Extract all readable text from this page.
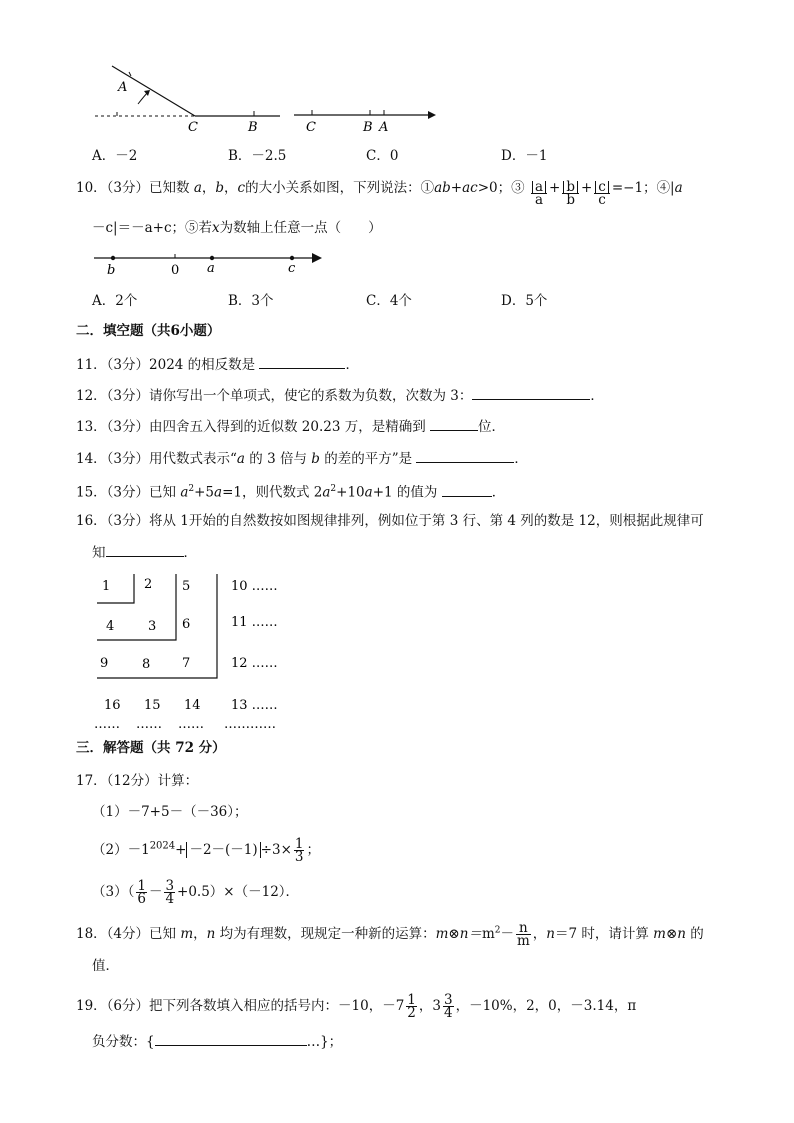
A
C	B	C	B A
A．－2	B．－2.5	C．0	D．－1
10．（3分）已知数 a，b，c的大小关系如图，下列说法：①ab+ac>0；③ $\frac{a}{a} + \frac{b}{b} + \frac{c}{c} =-1$；④|a
－c|＝－a+c；⑤若x为数轴上任意一点（　　）
b	0 a	c
A．2个	B．3个	C．4个	D．5个
二．填空题（共6小题）
11．（3分）2024 的相反数是	．
12．（3分）请你写出一个单项式，使它的系数为负数，次数为 3：	．
13．（3分）由四舍五入得到的近似数 20.23 万，是精确到	位．
14．（3分）用代数式表示“a 的 3 倍与 b 的差的平方”是	．
15．（3分）已知 $a^2+5a=1$，则代数式 $2a^2+10a+1$ 的值为	．
16．（3分）将从 1开始的自然数按如图规律排列，例如位于第 3 行、第 4 列的数是 12，则根据此规律可
知	．
1	2 5	10 ……
4	3 6	11 ……
9	8 7	12 ……
16 15 14 13 ……
…… …… …… …………
三．解答题（共 72 分）
17．（12分）计算：
（1）－7+5－（－36）；
$(2)-1^{2024}+ -2-(-1) \div 3\times \frac{1}{3}$ ；
$(3)( \frac{1}{6} - \frac{3}{4} +0.5)\times(-12)$．
18．（4分）已知 m，n 均为有理数，现规定一种新的运算：$m\otimes n=m^2- \frac{n}{m}$ ，n＝7 时，请计算 m⊗n 的
值．
19．（6分）把下列各数填入相应的括号内：－10，$-7 \frac{1}{2}$ ，$3 \frac{3}{4}$ ，－10%，2，0，－3.14，π
负分数：{	…}；
